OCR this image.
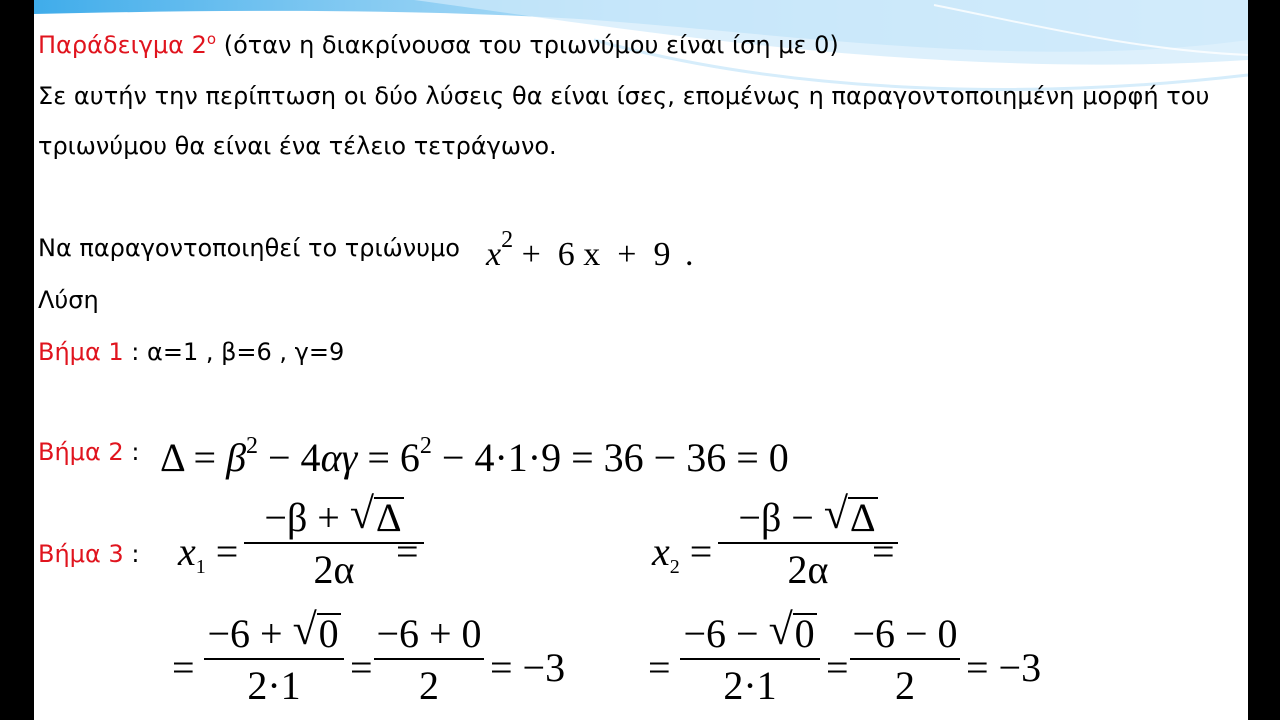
Παράδειγμα $2^o$ (όταν η διακρίνουσα του τριωνύμου είναι ίση με 0)
Σε αυτήν την περίπτωση οι δύο λύσεις θα είναι ίσες, επομένως η παραγοντοποιημένη μορφή του
τριωνύμου θα είναι ένα τέλειο τετράγωνο.
Να παραγοντοποιηθεί το τριώνυμο $x^2 + 6$ x  +  9 .
Λύση
Βήμα 1 : α=1 , β=6 , γ=9
Βήμα 2 : $\Delta = \beta^2 - 4\alpha\gamma = 6^2 - 4\cdot 1\cdot 9 = 36 - 36 = 0$
Βήμα 3 : $x_1$ =
−β + √ Δ
2α	=	$x_2$ =
−β − √ Δ
2α	=
=
−6 + √ 0
2·1	=
−6 + 0
2	= −3 =
−6 − √ 0
2·1	=
−6 − 0
2	= −3
